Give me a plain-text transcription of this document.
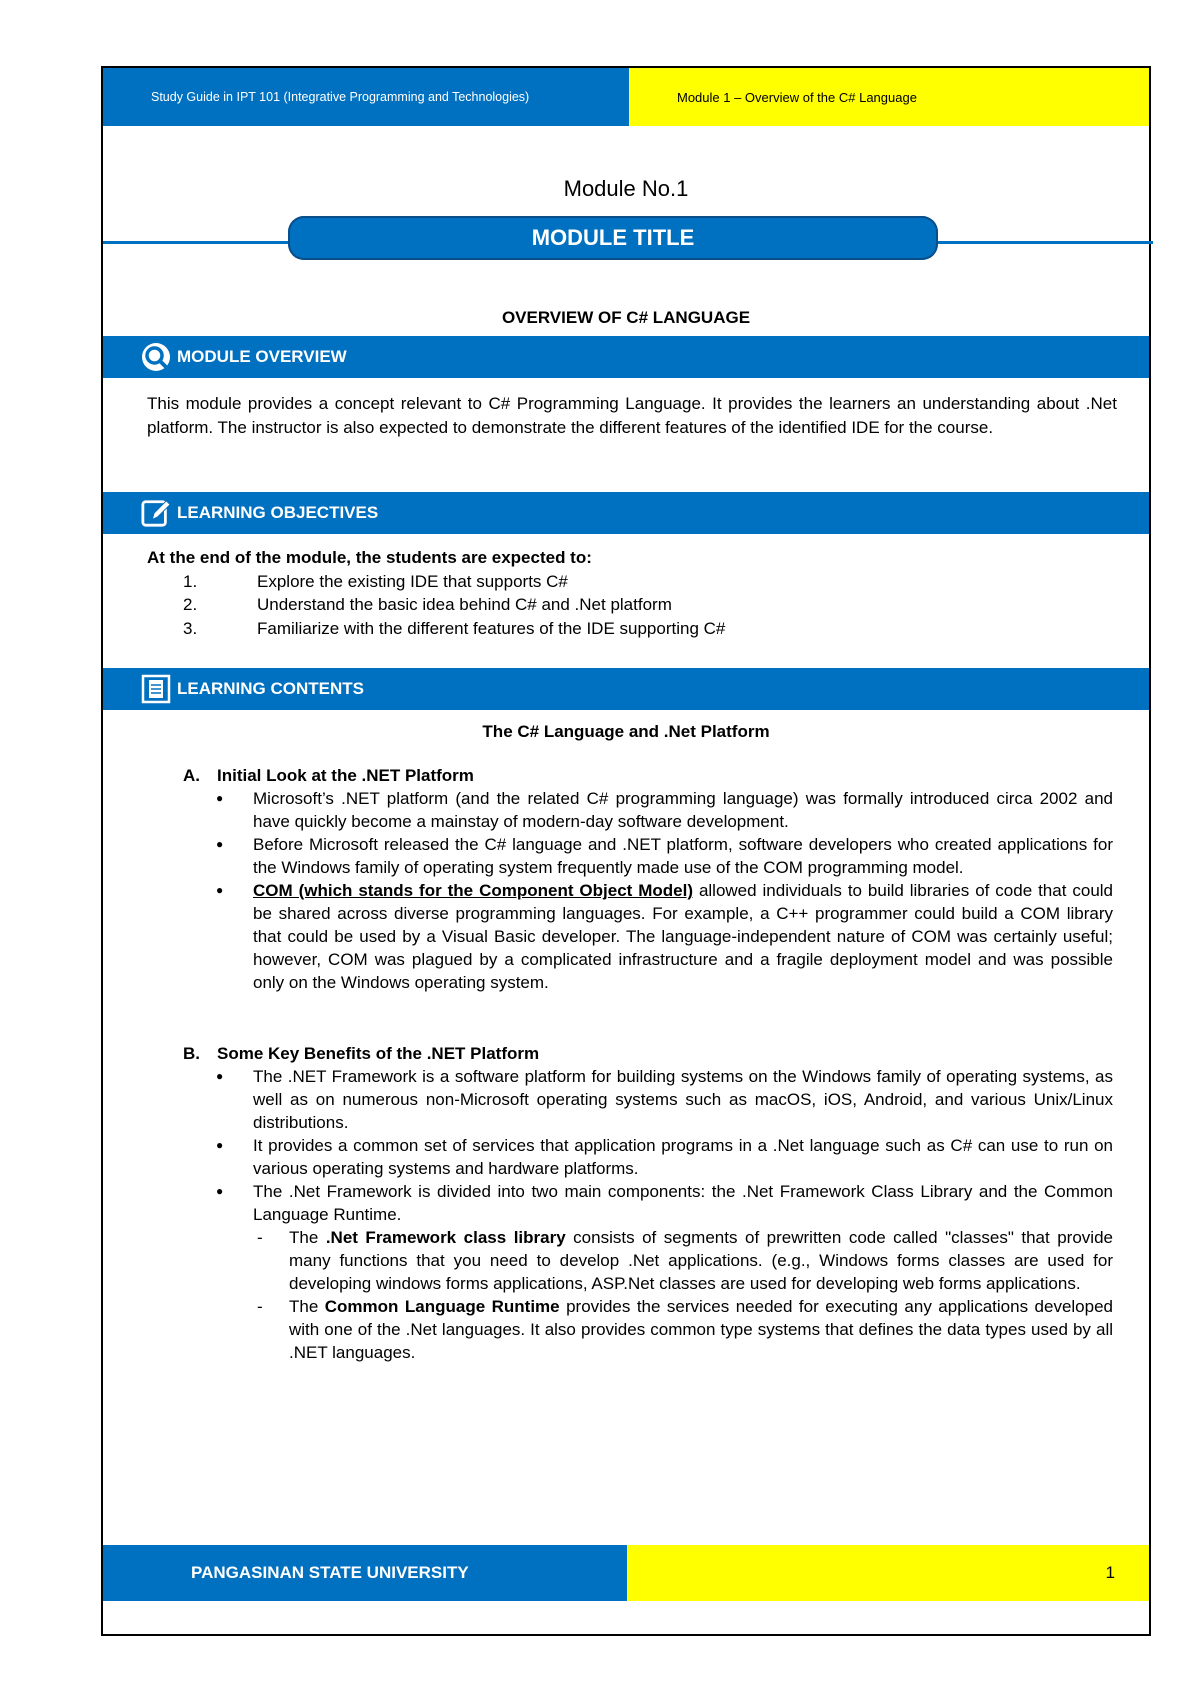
Study Guide in IPT 101 (Integrative Programming and Technologies)	Module 1 – Overview of the C# Language
Module No.1
MODULE TITLE
OVERVIEW OF C# LANGUAGE
MODULE OVERVIEW
This module provides a concept relevant to C# Programming Language. It provides the learners an understanding about .Net platform. The instructor is also expected to demonstrate the different features of the identified IDE for the course.
LEARNING OBJECTIVES
At the end of the module, the students are expected to:
1.	Explore the existing IDE that supports C#
2.	Understand the basic idea behind C# and .Net platform
3.	Familiarize with the different features of the IDE supporting C#
LEARNING CONTENTS
The C# Language and .Net Platform
A.	Initial Look at the .NET Platform
● Microsoft’s .NET platform (and the related C# programming language) was formally introduced circa 2002 and have quickly become a mainstay of modern-day software development.
● Before Microsoft released the C# language and .NET platform, software developers who created applications for the Windows family of operating system frequently made use of the COM programming model.
● COM (which stands for the Component Object Model) allowed individuals to build libraries of code that could be shared across diverse programming languages. For example, a C++ programmer could build a COM library that could be used by a Visual Basic developer. The language-independent nature of COM was certainly useful; however, COM was plagued by a complicated infrastructure and a fragile deployment model and was possible only on the Windows operating system.
B.	Some Key Benefits of the .NET Platform
● The .NET Framework is a software platform for building systems on the Windows family of operating systems, as well as on numerous non-Microsoft operating systems such as macOS, iOS, Android, and various Unix/Linux distributions.
● It provides a common set of services that application programs in a .Net language such as C# can use to run on various operating systems and hardware platforms.
● The .Net Framework is divided into two main components: the .Net Framework Class Library and the Common Language Runtime.
- The .Net Framework class library consists of segments of prewritten code called "classes" that provide many functions that you need to develop .Net applications. (e.g., Windows forms classes are used for developing windows forms applications, ASP.Net classes are used for developing web forms applications.
- The Common Language Runtime provides the services needed for executing any applications developed with one of the .Net languages. It also provides common type systems that defines the data types used by all .NET languages.
PANGASINAN STATE UNIVERSITY	1
